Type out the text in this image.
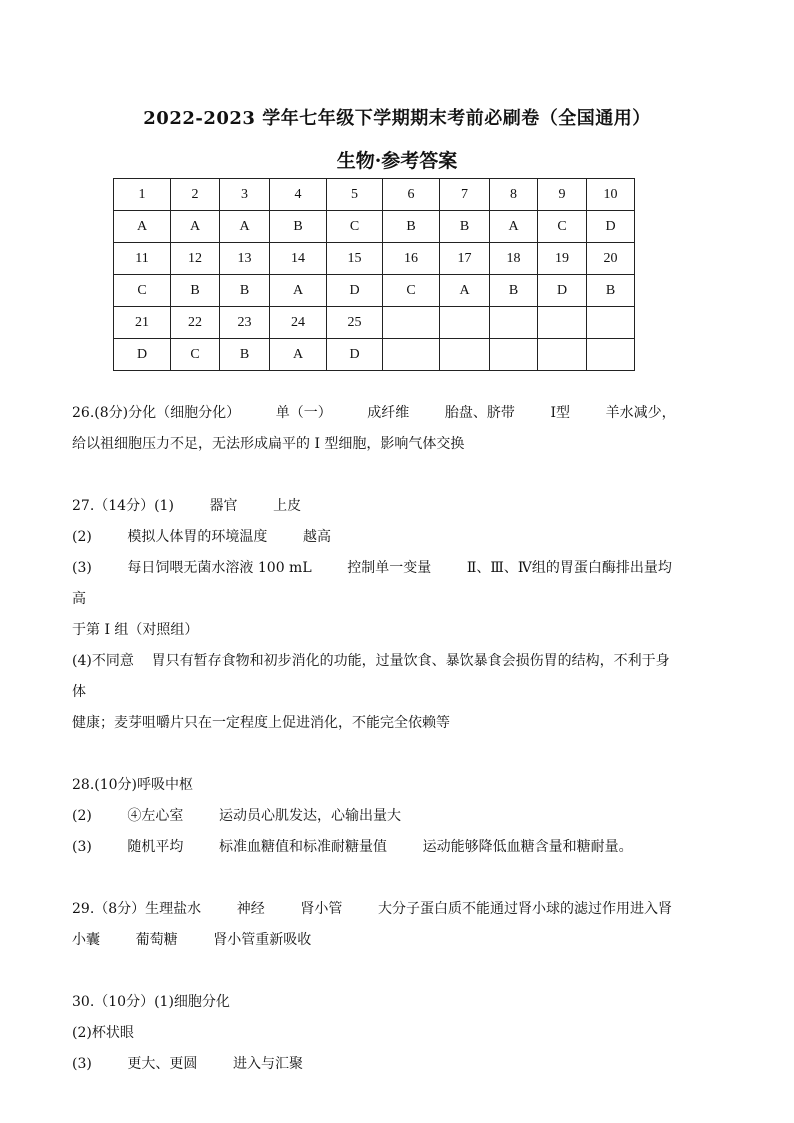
2022-2023 学年七年级下学期期末考前必刷卷（全国通用）
生物·参考答案
1	2	3	4	5	6	7	8	9	10
A	A	A	B	C	B	B	A	C	D
11	12	13	14	15	16	17	18	19	20
C	B	B	A	D	C	A	B	D	B
21	22	23	24	25					
D	C	B	A	D					

26.(8分)分化（细胞分化）        单（一）        成纤维        胎盘、脐带        I型        羊水减少，

给以祖细胞压力不足，无法形成扁平的 I 型细胞，影响气体交换

27.（14分）(1)        器官        上皮

(2)        模拟人体胃的环境温度        越高

(3)        每日饲喂无菌水溶液 100 mL        控制单一变量        Ⅱ、Ⅲ、Ⅳ组的胃蛋白酶排出量均高

于第 I 组（对照组）

(4)不同意    胃只有暂存食物和初步消化的功能，过量饮食、暴饮暴食会损伤胃的结构，不利于身体

健康；麦芽咀嚼片只在一定程度上促进消化，不能完全依赖等

28.(10分)呼吸中枢

(2)        ④左心室        运动员心肌发达，心输出量大

(3)        随机平均        标准血糖值和标准耐糖量值        运动能够降低血糖含量和糖耐量。

29.（8分）生理盐水        神经        肾小管        大分子蛋白质不能通过肾小球的滤过作用进入肾

小囊        葡萄糖        肾小管重新吸收

30.（10分）(1)细胞分化

(2)杯状眼

(3)        更大、更圆        进入与汇聚
